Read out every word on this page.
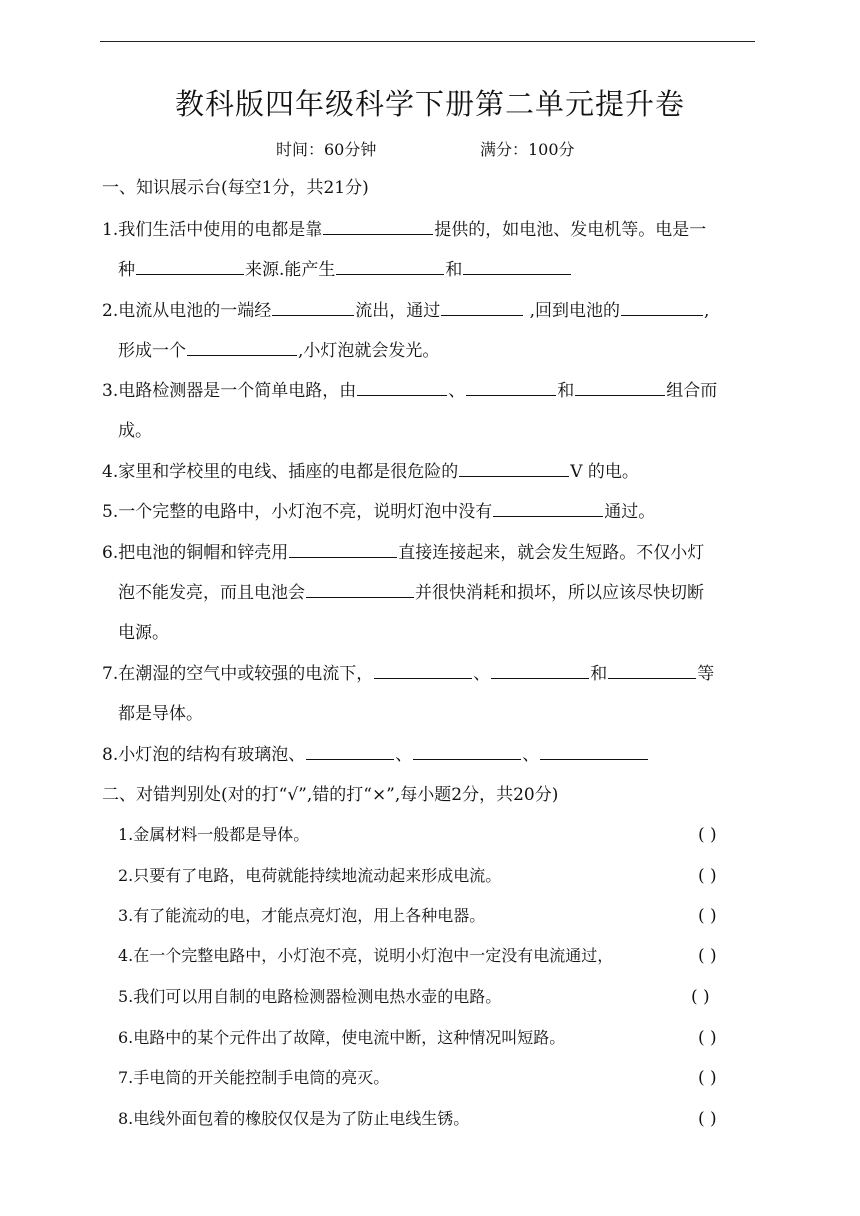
教科版四年级科学下册第二单元提升卷
时间：60分钟	满分：100分
一、知识展示台(每空1分，共21分)
1.我们生活中使用的电都是靠	提供的，如电池、发电机等。电是一
种	来源.能产生	和
2.电流从电池的一端经	流出，通过	,回到电池的	,
形成一个	,小灯泡就会发光。
3.电路检测器是一个简单电路，由	、	和	组合而
成。
4.家里和学校里的电线、插座的电都是很危险的	V 的电。
5.一个完整的电路中，小灯泡不亮，说明灯泡中没有	通过。
6.把电池的铜帽和锌壳用	直接连接起来，就会发生短路。不仅小灯
泡不能发亮，而且电池会	并很快消耗和损坏，所以应该尽快切断
电源。
7.在潮湿的空气中或较强的电流下，	、	和	等
都是导体。
8.小灯泡的结构有玻璃泡、	、	、
二、对错判别处(对的打“√”,错的打“×”,每小题2分，共20分)
1.金属材料一般都是导体。	( )
2.只要有了电路，电荷就能持续地流动起来形成电流。	( )
3.有了能流动的电，才能点亮灯泡，用上各种电器。	( )
4.在一个完整电路中，小灯泡不亮，说明小灯泡中一定没有电流通过，	( )
5.我们可以用自制的电路检测器检测电热水壶的电路。	( )
6.电路中的某个元件出了故障，使电流中断，这种情况叫短路。	( )
7.手电筒的开关能控制手电筒的亮灭。	( )
8.电线外面包着的橡胶仅仅是为了防止电线生锈。	( )
